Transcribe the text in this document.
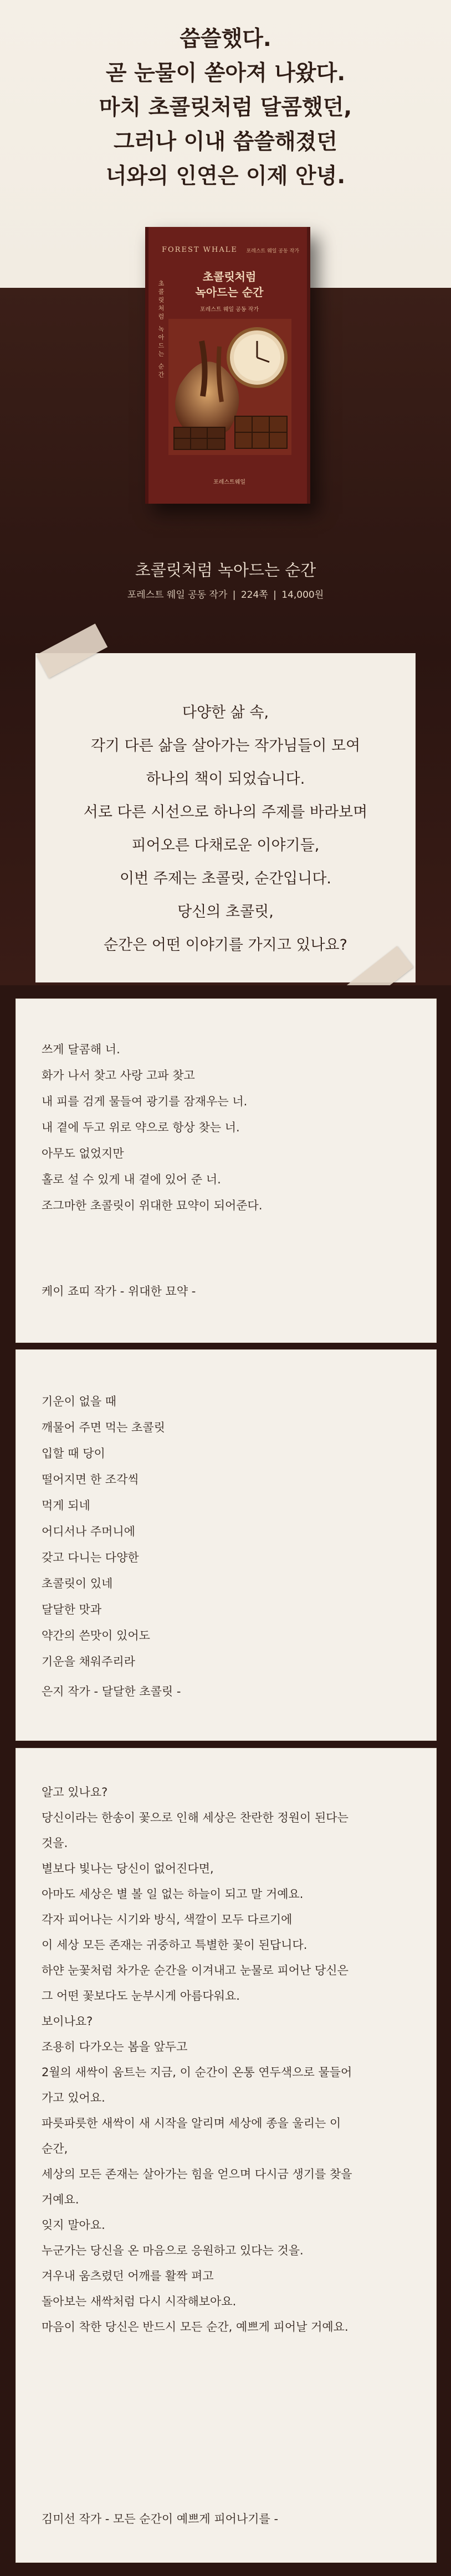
씁쓸했다.
곧 눈물이 쏟아져 나왔다.
마치 초콜릿처럼 달콤했던,
그러나 이내 씁쓸해졌던
너와의 인연은 이제 안녕.
FOREST WHALE 포레스트 웨일 공동 작가
초콜릿처럼 녹아드는 순간
초콜릿처럼
녹아드는 순간
포레스트 웨일 공동 작가
포레스트웨일
초콜릿처럼 녹아드는 순간
포레스트 웨일 공동 작가 | 224쪽 | 14,000원
다양한 삶 속,
각기 다른 삶을 살아가는 작가님들이 모여
하나의 책이 되었습니다.
서로 다른 시선으로 하나의 주제를 바라보며
피어오른 다채로운 이야기들,
이번 주제는 초콜릿, 순간입니다.
당신의 초콜릿,
순간은 어떤 이야기를 가지고 있나요?
쓰게 달콤해 너.
화가 나서 찾고 사랑 고파 찾고
내 피를 검게 물들여 광기를 잠재우는 너.
내 곁에 두고 위로 약으로 항상 찾는 너.
아무도 없었지만
홀로 설 수 있게 내 곁에 있어 준 너.
조그마한 초콜릿이 위대한 묘약이 되어준다.
케이 죠띠 작가 - 위대한 묘약 -
기운이 없을 때
깨물어 주면 먹는 초콜릿
입할 때 당이
떨어지면 한 조각씩
먹게 되네
어디서나 주머니에
갖고 다니는 다양한
초콜릿이 있네
달달한 맛과
약간의 쓴맛이 있어도
기운을 채워주리라
은지 작가 - 달달한 초콜릿 -
알고 있나요?
당신이라는 한송이 꽃으로 인해 세상은 찬란한 정원이 된다는
것을.
별보다 빛나는 당신이 없어진다면,
아마도 세상은 별 볼 일 없는 하늘이 되고 말 거예요.
각자 피어나는 시기와 방식, 색깔이 모두 다르기에
이 세상 모든 존재는 귀중하고 특별한 꽃이 된답니다.
하얀 눈꽃처럼 차가운 순간을 이겨내고 눈물로 피어난 당신은
그 어떤 꽃보다도 눈부시게 아름다워요.
보이나요?
조용히 다가오는 봄을 앞두고
2월의 새싹이 움트는 지금, 이 순간이 온통 연두색으로 물들어
가고 있어요.
파릇파릇한 새싹이 새 시작을 알리며 세상에 종을 울리는 이
순간,
세상의 모든 존재는 살아가는 힘을 얻으며 다시금 생기를 찾을
거예요.
잊지 말아요.
누군가는 당신을 온 마음으로 응원하고 있다는 것을.
겨우내 움츠렸던 어깨를 활짝 펴고
돌아보는 새싹처럼 다시 시작해보아요.
마음이 착한 당신은 반드시 모든 순간, 예쁘게 피어날 거예요.
김미선 작가 - 모든 순간이 예쁘게 피어나기를 -
